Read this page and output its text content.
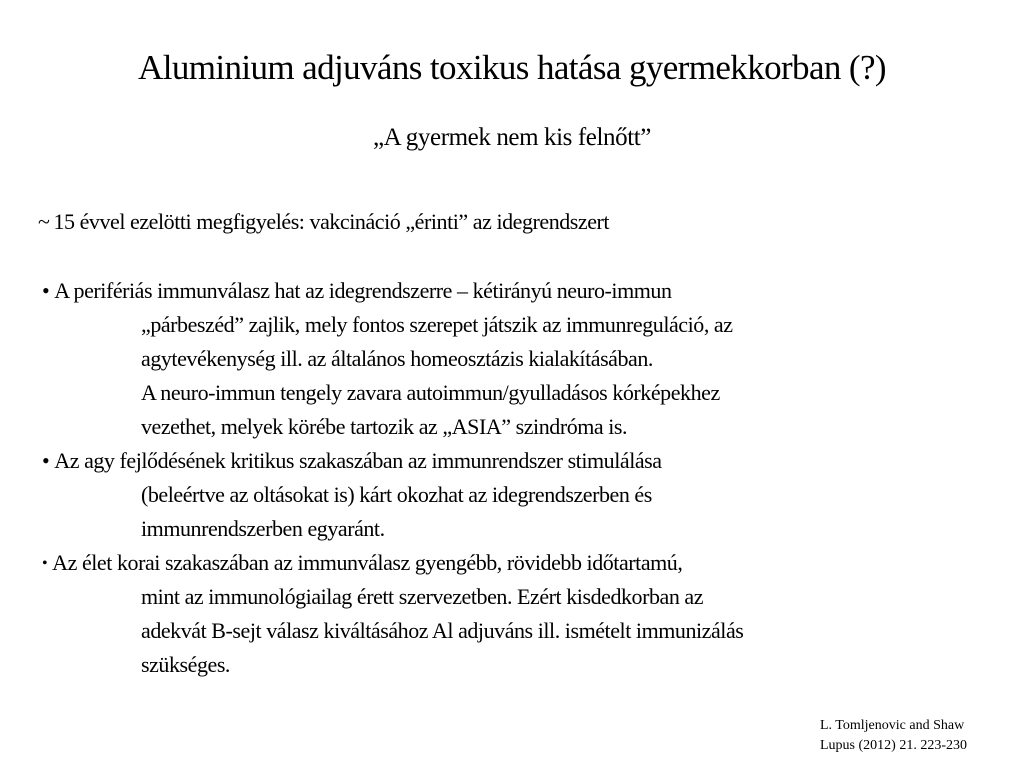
Aluminium adjuváns toxikus hatása gyermekkorban (?)
„A gyermek nem kis felnőtt”
~ 15 évvel ezelötti megfigyelés: vakcináció „érinti” az idegrendszert
• A perifériás immunválasz hat az idegrendszerre – kétirányú neuro-immun
„párbeszéd” zajlik, mely fontos szerepet játszik az immunreguláció, az
agytevékenység ill. az általános homeosztázis kialakításában.
A neuro-immun tengely zavara autoimmun/gyulladásos kórképekhez
vezethet, melyek körébe tartozik az „ASIA” szindróma is.
• Az agy fejlődésének kritikus szakaszában az immunrendszer stimulálása
(beleértve az oltásokat is) kárt okozhat az idegrendszerben és
immunrendszerben egyaránt.
• Az élet korai szakaszában az immunválasz gyengébb, rövidebb időtartamú,
mint az immunológiailag érett szervezetben. Ezért kisdedkorban az
adekvát B-sejt válasz kiváltásához Al adjuváns ill. ismételt immunizálás
szükséges.
L. Tomljenovic and Shaw
Lupus (2012) 21. 223-230
